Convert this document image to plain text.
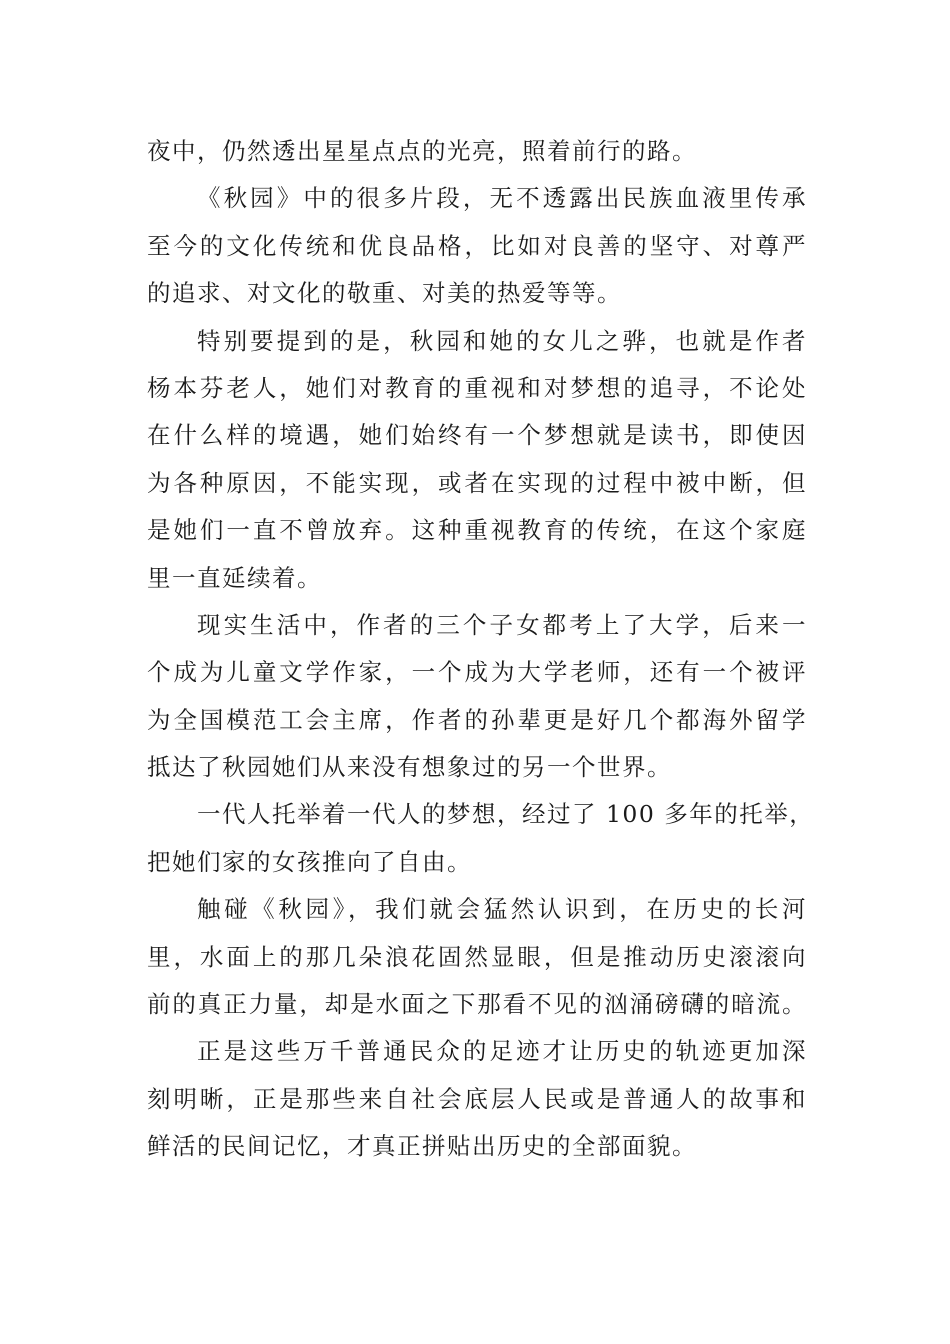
夜中，仍然透出星星点点的光亮，照着前行的路。
《秋园》中的很多片段，无不透露出民族血液里传承
至今的文化传统和优良品格，比如对良善的坚守、对尊严
的追求、对文化的敬重、对美的热爱等等。
特别要提到的是，秋园和她的女儿之骅，也就是作者
杨本芬老人，她们对教育的重视和对梦想的追寻，不论处
在什么样的境遇，她们始终有一个梦想就是读书，即使因
为各种原因，不能实现，或者在实现的过程中被中断，但
是她们一直不曾放弃。这种重视教育的传统，在这个家庭
里一直延续着。
现实生活中，作者的三个子女都考上了大学，后来一
个成为儿童文学作家，一个成为大学老师，还有一个被评
为全国模范工会主席，作者的孙辈更是好几个都海外留学
抵达了秋园她们从来没有想象过的另一个世界。
一代人托举着一代人的梦想，经过了 100 多年的托举，
把她们家的女孩推向了自由。
触碰《秋园》，我们就会猛然认识到，在历史的长河
里，水面上的那几朵浪花固然显眼，但是推动历史滚滚向
前的真正力量，却是水面之下那看不见的汹涌磅礴的暗流。
正是这些万千普通民众的足迹才让历史的轨迹更加深
刻明晰，正是那些来自社会底层人民或是普通人的故事和
鲜活的民间记忆，才真正拼贴出历史的全部面貌。
